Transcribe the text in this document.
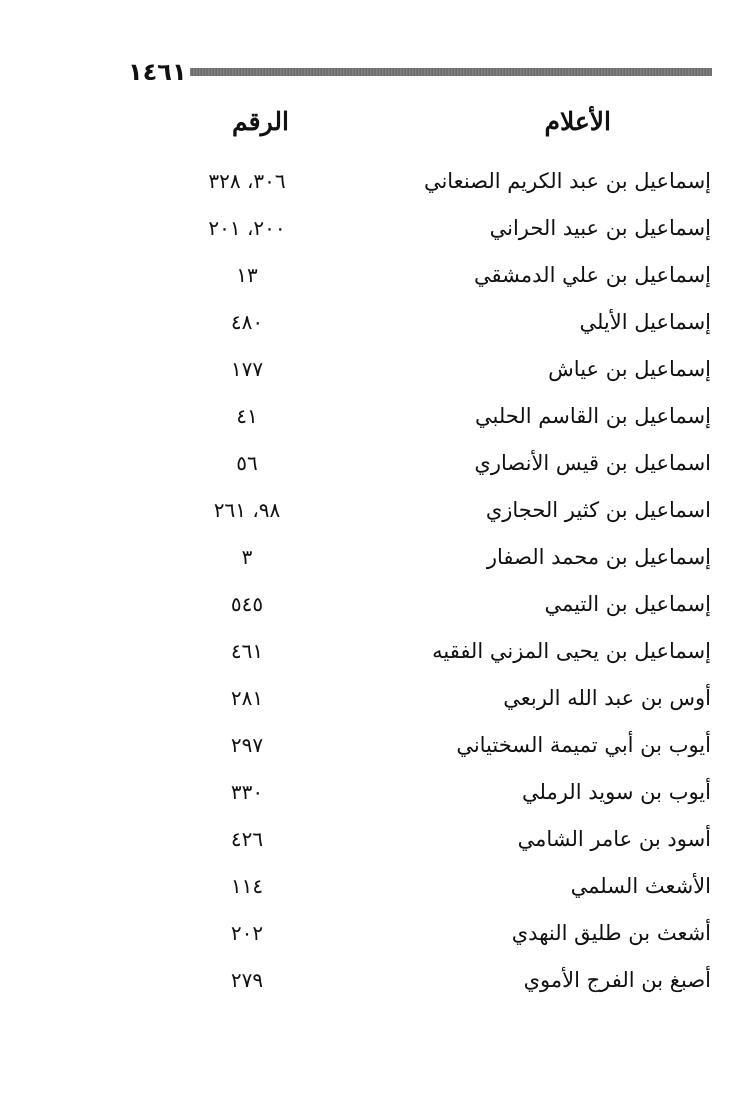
١٤٦١
الأعلام
الرقم
إسماعيل بن عبد الكريم الصنعاني
٣٠٦، ٣٢٨
إسماعيل بن عبيد الحراني
٢٠٠، ٢٠١
إسماعيل بن علي الدمشقي
١٣
إسماعيل الأيلي
٤٨٠
إسماعيل بن عياش
١٧٧
إسماعيل بن القاسم الحلبي
٤١
اسماعيل بن قيس الأنصاري
٥٦
اسماعيل بن كثير الحجازي
٩٨، ٢٦١
إسماعيل بن محمد الصفار
٣
إسماعيل بن التيمي
٥٤٥
إسماعيل بن يحيى المزني الفقيه
٤٦١
أوس بن عبد الله الربعي
٢٨١
أيوب بن أبي تميمة السختياني
٢٩٧
أيوب بن سويد الرملي
٣٣٠
أسود بن عامر الشامي
٤٢٦
الأشعث السلمي
١١٤
أشعث بن طليق النهدي
٢٠٢
أصبغ بن الفرج الأموي
٢٧٩
